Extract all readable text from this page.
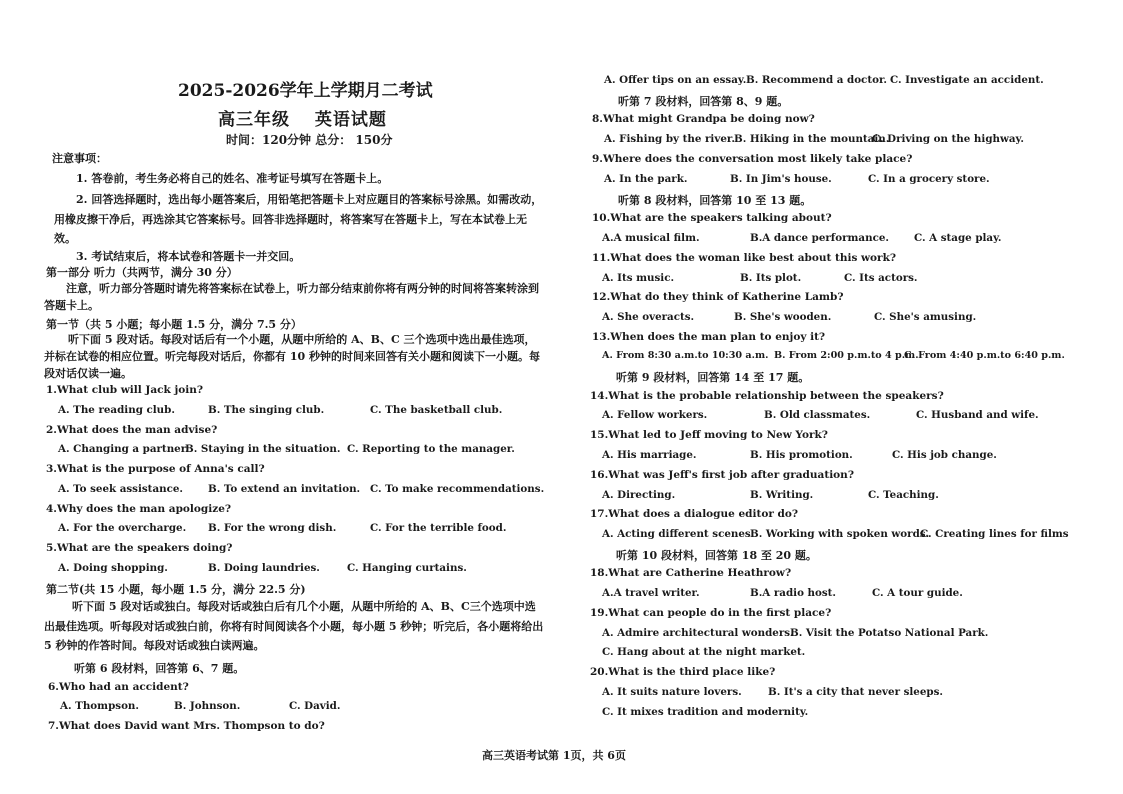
2025-2026学年上学期月二考试
高三年级　 英语试题
时间：120分钟 总分： 150分
注意事项：
1. 答卷前，考生务必将自己的姓名、准考证号填写在答题卡上。
2. 回答选择题时，选出每小题答案后，用铅笔把答题卡上对应题目的答案标号涂黑。如需改动，用橡皮擦干净后，再选涂其它答案标号。回答非选择题时，将答案写在答题卡上，写在本试卷上无效。
3. 考试结束后，将本试卷和答题卡一并交回。
第一部分 听力（共两节，满分 30 分）
注意，听力部分答题时请先将答案标在试卷上，听力部分结束前你将有两分钟的时间将答案转涂到答题卡上。
第一节（共 5 小题；每小题 1.5 分，满分 7.5 分）
听下面 5 段对话。每段对话后有一个小题，从题中所给的 A、B、C 三个选项中选出最佳选项，并标在试卷的相应位置。听完每段对话后，你都有 10 秒钟的时间来回答有关小题和阅读下一小题。每段对话仅读一遍。
1.What club will Jack join?
A. The reading club.	B. The singing club.	C. The basketball club.
2.What does the man advise?
A. Changing a partner.
B. Staying in the situation. C. Reporting to the manager.
3.What is the purpose of Anna's call?
A. To seek assistance. B. To extend an invitation. C. To make recommendations.
4.Why does the man apologize?
A. For the overcharge. B. For the wrong dish.	C. For the terrible food.
5.What are the speakers doing?
A. Doing shopping.	B. Doing laundries.	C. Hanging curtains.
第二节(共 15 小题，每小题 1.5 分，满分 22.5 分)
听下面 5 段对话或独白。每段对话或独白后有几个小题，从题中所给的 A、B、C三个选项中选出最佳选项。听每段对话或独白前，你将有时间阅读各个小题，每小题 5 秒钟；听完后，各小题将给出 5 秒钟的作答时间。每段对话或独白读两遍。
听第 6 段材料，回答第 6、7 题。
6.Who had an accident?
A. Thompson.	B. Johnson.	C. David.
7.What does David want Mrs. Thompson to do?
A. Offer tips on an essay. B. Recommend a doctor. C. Investigate an accident.
听第 7 段材料，回答第 8、9 题。
8.What might Grandpa be doing now?
A. Fishing by the river. B. Hiking in the mountain.
C. Driving on the highway.
9.Where does the conversation most likely take place?
A. In the park.	B. In Jim's house.	C. In a grocery store.
听第 8 段材料，回答第 10 至 13 题。
10.What are the speakers talking about?
A.A musical film.	B.A dance performance. C. A stage play.
11.What does the woman like best about this work?
A. Its music.	B. Its plot.	C. Its actors.
12.What do they think of Katherine Lamb?
A. She overacts.	B. She's wooden.	C. She's amusing.
13.When does the man plan to enjoy it?
A. From 8:30 a.m.to 10:30 a.m. B. From 2:00 p.m.to 4 p.m.
C. From 4:40 p.m.to 6:40 p.m.
听第 9 段材料，回答第 14 至 17 题。
14.What is the probable relationship between the speakers?
A. Fellow workers.	B. Old classmates.	C. Husband and wife.
15.What led to Jeff moving to New York?
A. His marriage.	B. His promotion.	C. His job change.
16.What was Jeff's first job after graduation?
A. Directing.	B. Writing.	C. Teaching.
17.What does a dialogue editor do?
A. Acting different scenes.
B. Working with spoken words.
C. Creating lines for films
听第 10 段材料，回答第 18 至 20 题。
18.What are Catherine Heathrow?
A.A travel writer.	B.A radio host.	C. A tour guide.
19.What can people do in the first place?
A. Admire architectural wonders.
B. Visit the Potatso National Park.
C. Hang about at the night market.
20.What is the third place like?
A. It suits nature lovers.	B. It's a city that never sleeps.
C. It mixes tradition and modernity.
高三英语考试第 1页，共 6页
